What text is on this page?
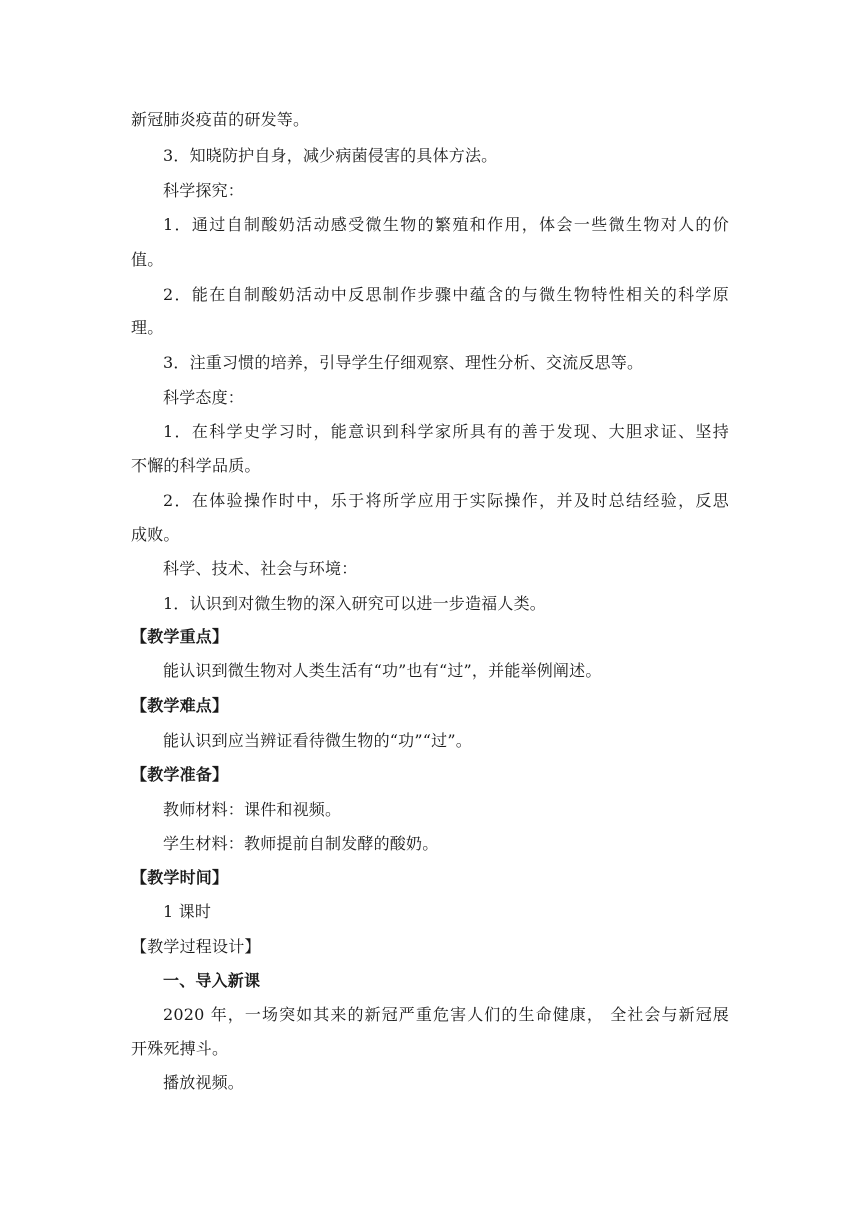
新冠肺炎疫苗的研发等。
3．知晓防护自身，减少病菌侵害的具体方法。
科学探究：
1．通过自制酸奶活动感受微生物的繁殖和作用，体会一些微生物对人的价
值。
2．能在自制酸奶活动中反思制作步骤中蕴含的与微生物特性相关的科学原
理。
3．注重习惯的培养，引导学生仔细观察、理性分析、交流反思等。
科学态度：
1．在科学史学习时，能意识到科学家所具有的善于发现、大胆求证、坚持
不懈的科学品质。
2．在体验操作时中，乐于将所学应用于实际操作，并及时总结经验，反思
成败。
科学、技术、社会与环境：
1．认识到对微生物的深入研究可以进一步造福人类。
【教学重点】
能认识到微生物对人类生活有“功”也有“过”，并能举例阐述。
【教学难点】
能认识到应当辨证看待微生物的“功”“过”。
【教学准备】
教师材料：课件和视频。
学生材料：教师提前自制发酵的酸奶。
【教学时间】
1 课时
【教学过程设计】
一、导入新课
2020 年，一场突如其来的新冠严重危害人们的生命健康， 全社会与新冠展
开殊死搏斗。
播放视频。
